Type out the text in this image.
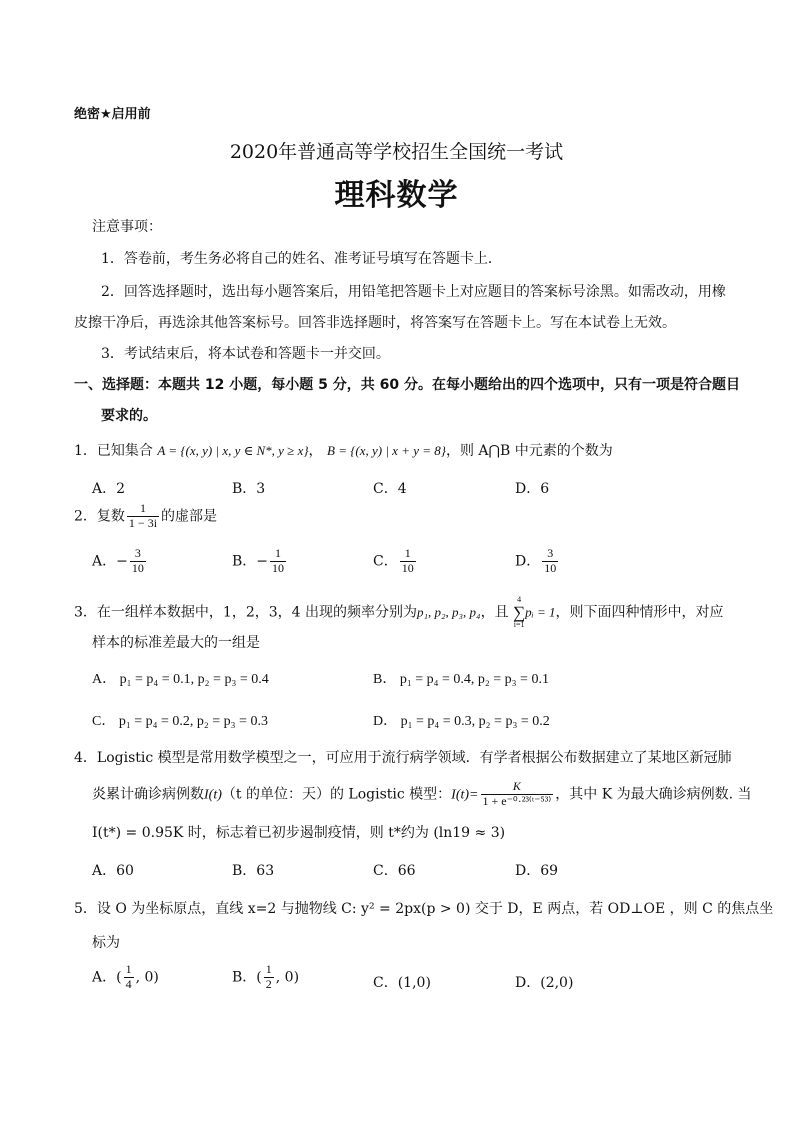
绝密★启用前
2020年普通高等学校招生全国统一考试
理科数学
注意事项：
1．答卷前，考生务必将自己的姓名、准考证号填写在答题卡上．
2．回答选择题时，选出每小题答案后，用铅笔把答题卡上对应题目的答案标号涂黑。如需改动，用橡
皮擦干净后，再选涂其他答案标号。回答非选择题时，将答案写在答题卡上。写在本试卷上无效。
3．考试结束后，将本试卷和答题卡一并交回。
一、选择题：本题共 12 小题，每小题 5 分，共 60 分。在每小题给出的四个选项中，只有一项是符合题目
要求的。
1．已知集合 A = {(x, y) | x, y ∈ N*, y ≥ x}， B = {(x, y) | x + y = 8}，则 A⋂B 中元素的个数为
A．2	B．3	C．4	D．6
2．复数 $\frac{1}{1 - 3i}$ 的虚部是
A．− $\frac{3}{10}$	B．− $\frac{1}{10}$	C． $\frac{1}{10}$	D． $\frac{3}{10}$
3．在一组样本数据中，1，2，3，4 出现的频率分别为p₁, p₂, p₃, p₄，且
4
∑
i=1
pᵢ = 1，则下面四种情形中，对应
样本的标准差最大的一组是
A． p₁ = p₄ = 0.1, p₂ = p₃ = 0.4	B． p₁ = p₄ = 0.4, p₂ = p₃ = 0.1
C． p₁ = p₄ = 0.2, p₂ = p₃ = 0.3	D． p₁ = p₄ = 0.3, p₂ = p₃ = 0.2
4．Logistic 模型是常用数学模型之一，可应用于流行病学领域．有学者根据公布数据建立了某地区新冠肺
炎累计确诊病例数I(t)（t 的单位：天）的 Logistic 模型：$I(t)= \frac{K}{\text{1 + e⁻⁰·²³⁽ᵗ⁻⁵³⁾}}$ ，其中 K 为最大确诊病例数. 当
I(t*) = 0.95K 时，标志着已初步遏制疫情，则 t*约为 (ln19 ≈ 3)
A．60	B．63	C．66	D．69
5．设 O 为坐标原点，直线 x=2 与抛物线 C: y² = 2px(p > 0) 交于 D，E 两点，若 OD⊥OE ，则 C 的焦点坐
标为
A．( $\frac{1}{4}$ , 0)	B．( $\frac{1}{2}$ , 0)	C．(1,0)	D．(2,0)
